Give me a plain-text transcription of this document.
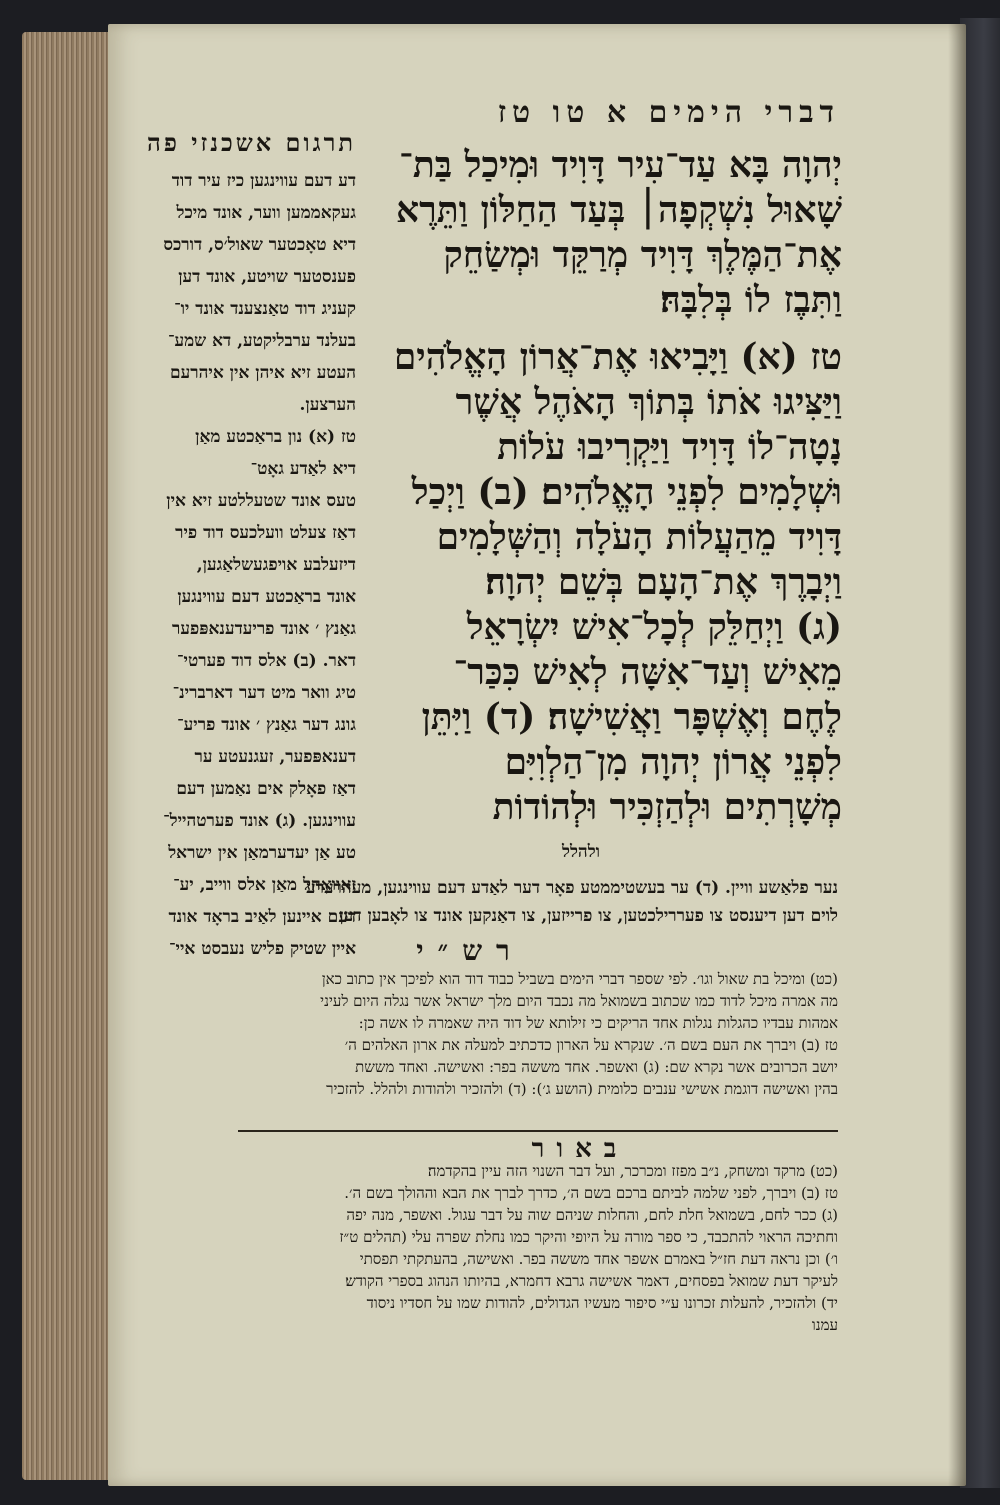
דברי הימים א טו טז
תרגום אשכנזי פה

יְהוָה בָּא עַד־עִיר דָּוִיד וּמִיכַל בַּת־

שָׁאוּל נִשְׁקְפָה׀ בְּעַד הַחַלּוֹן וַתֵּרֶא

אֶת־הַמֶּלֶךְ דָּוִיד מְרַקֵּד וּמְשַׂחֵק

וַתִּבֶז לוֹ בְּלִבָּהּ׃

טז (א) וַיָּבִיאוּ אֶת־אֲרוֹן הָאֱלֹהִים

וַיַּצִּיגוּ אֹתוֹ בְּתוֹךְ הָאֹהֶל אֲשֶׁר

נָטָה־לוֹ דָּוִיד וַיַּקְרִיבוּ עֹלוֹת

וּשְׁלָמִים לִפְנֵי הָאֱלֹהִים׃ (ב) וַיְכַל

דָּוִיד מֵהַעֲלוֹת הָעֹלָה וְהַשְּׁלָמִים

וַיְבָרֶךְ אֶת־הָעָם בְּשֵׁם יְהוָה׃

(ג) וַיְחַלֵּק לְכָל־אִישׁ יִשְׂרָאֵל

מֵאִישׁ וְעַד־אִשָּׁה לְאִישׁ כִּכַּר־

לֶחֶם וְאֶשְׁפָּר וַאֲשִׁישָׁה׃ (ד) וַיִּתֵּן

לִפְנֵי אֲרוֹן יְהוָה מִן־הַלְוִיִּם

מְשָׁרְתִים וּלְהַזְכִּיר וּלְהוֹדוֹת

ולהלל

דע דעם עווינגען כיז עיר דוד

געקאממען ווער, אונד מיכל

דיא טאָכטער שאול׳ס, דורכס

פענסטער שויטע, אונד דען

קעניג דוד טאַנצענד אונד יו־

בעלנד ערבליקטע, דא שמע־

העטע זיא איהן אין איהרעם

הערצען.

טז (א) נון בראַכטע מאַן

דיא לאַדע גאָט־

טעס אונד שטעללטע זיא אין

דאַז צעלט וועלכעס דוד פיר

דיזעלבע אויפגעשלאַגען,

אונד בראַכטע דעם עווינגען

גאַנץ ׳ אונד פריעדענאפּפער

דאר. (ב) אלס דוד פערטי־

טיג וואר מיט דער דארברינ־

גונג דער גאַנץ ׳ אונד פריע־

דענאפּפער, זעגנעטע ער

דאַז פאָלק אים נאַמען דעם

עווינגען. (ג) אונד פערטהייל־

טע אַן יעדערמאַן אין ישראל

זאוואָהל מאַן אלס ווייב, יע־

דעם איינען לאַיב בראָד אונד

איין שטיק פליש נעבסט איי־

נער פלאַשע וויין. (ד) ער בעשטיממטע פאָר דער לאַדע דעם עווינגען, מעהרערע
לוים דען דיענסט צו פעררילכטען, צו פרייזען, צו דאַנקען אונד צו לאָבען דען
רש״י

(כט) ומיכל בת שאול וגו׳. לפי שספר דברי הימים בשביל כבוד דוד הוא לפיכך אין כתוב כאן

מה אמרה מיכל לדוד כמו שכתוב בשמואל מה נכבד היום מלך ישראל אשר נגלה היום לעיני

אמהות עבדיו כהגלות נגלות אחד הריקים כי זילותא של דוד היה שאמרה לו אשה כן:

טז (ב) ויברך את העם בשם ה׳. שנקרא על הארון כדכתיב למעלה את ארון האלהים ה׳

יושב הכרובים אשר נקרא שם: (ג) ואשפר. אחד מששה בפר: ואשישה. ואחד מששת

בהין ואשישה דוגמת אשישי ענבים כלומית (הושע ג׳): (ד) ולהזכיר ולהודות ולהלל. להזכיר

באור

(כט) מרקד ומשחק, נ״ב מפזז ומכרכר, ועל דבר השנוי הזה עיין בהקדמה׃

טז (ב) ויברך, לפני שלמה לביתם ברכם בשם ה׳, כדרך לברך את הבא וההולך בשם ה׳.

(ג) ככר לחם, בשמואל חלת לחם, והחלות שניהם שוה על דבר עגול. ואשפר, מנה יפה

וחתיכה הראוי להתכבד, כי ספר מורה על היופי והיקר כמו נחלת שפרה עלי (תהלים ט״ז

ו׳) וכן נראה דעת חז״ל באמרם אשפר אחד מששה בפר. ואשישה, בהעתקתי תפסתי

לעיקר דעת שמואל בפסחים, דאמר אשישה גרבא דחמרא, בהיותו הנהוג בספרי הקודש׃

יד) ולהזכיר, להעלות זכרונו ע״י סיפור מעשיו הגדולים, להודות שמו על חסדיו ניסוד

עמנו
